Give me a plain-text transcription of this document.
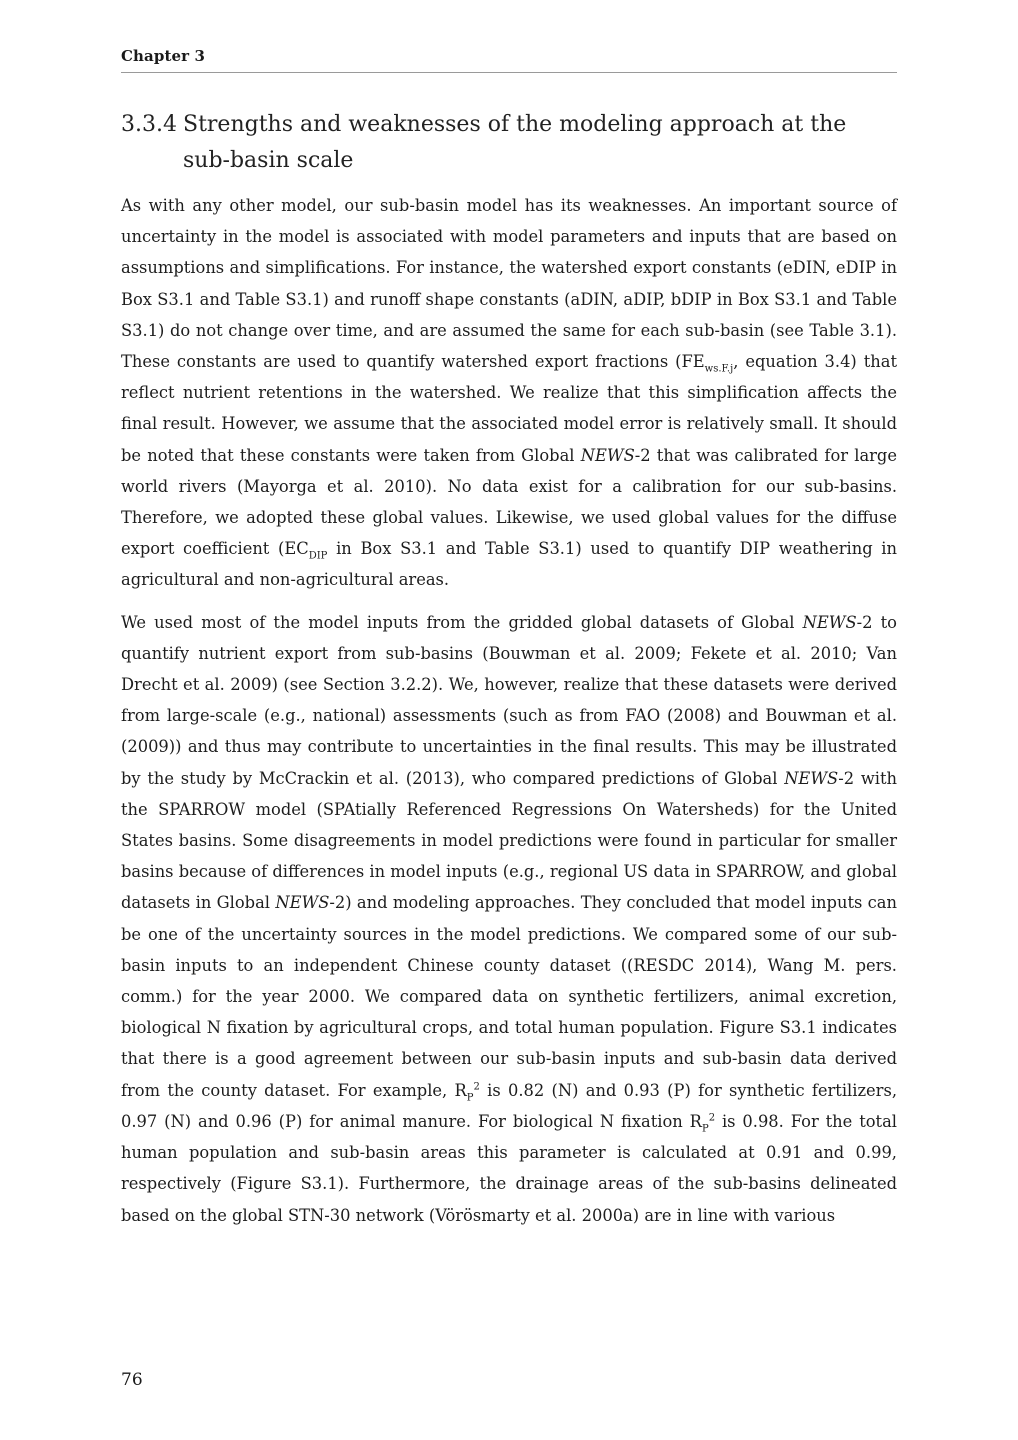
Chapter 3
3.3.4 Strengths and weaknesses of the modeling approach at the sub-basin scale

As with any other model, our sub-basin model has its weaknesses. An important source of uncertainty in the model is associated with model parameters and inputs that are based on assumptions and simplifications. For instance, the watershed export constants (eDIN, eDIP in Box S3.1 and Table S3.1) and runoff shape constants (aDIN, aDIP, bDIP in Box S3.1 and Table S3.1) do not change over time, and are assumed the same for each sub-basin (see Table 3.1). These constants are used to quantify watershed export fractions ($FE_{ws.F.j}$, equation 3.4) that reflect nutrient retentions in the watershed. We realize that this simplification affects the final result. However, we assume that the associated model error is relatively small. It should be noted that these constants were taken from Global NEWS-2 that was calibrated for large world rivers (Mayorga et al. 2010). No data exist for a calibration for our sub-basins. Therefore, we adopted these global values. Likewise, we used global values for the diffuse export coefficient ($EC_{DIP}$ in Box S3.1 and Table S3.1) used to quantify DIP weathering in agricultural and non-agricultural areas.

We used most of the model inputs from the gridded global datasets of Global NEWS-2 to quantify nutrient export from sub-basins (Bouwman et al. 2009; Fekete et al. 2010; Van Drecht et al. 2009) (see Section 3.2.2). We, however, realize that these datasets were derived from large-scale (e.g., national) assessments (such as from FAO (2008) and Bouwman et al. (2009)) and thus may contribute to uncertainties in the final results. This may be illustrated by the study by McCrackin et al. (2013), who compared predictions of Global NEWS-2 with the SPARROW model (SPAtially Referenced Regressions On Watersheds) for the United States basins. Some disagreements in model predictions were found in particular for smaller basins because of differences in model inputs (e.g., regional US data in SPARROW, and global datasets in Global NEWS-2) and modeling approaches. They concluded that model inputs can be one of the uncertainty sources in the model predictions. We compared some of our sub-basin inputs to an independent Chinese county dataset ((RESDC 2014), Wang M. pers. comm.) for the year 2000. We compared data on synthetic fertilizers, animal excretion, biological N fixation by agricultural crops, and total human population. Figure S3.1 indicates that there is a good agreement between our sub-basin inputs and sub-basin data derived from the county dataset. For example, $R_P^2$ is 0.82 (N) and 0.93 (P) for synthetic fertilizers, 0.97 (N) and 0.96 (P) for animal manure. For biological N fixation $R_P^2$ is 0.98. For the total human population and sub-basin areas this parameter is calculated at 0.91 and 0.99, respectively (Figure S3.1). Furthermore, the drainage areas of the sub-basins delineated based on the global STN-30 network (Vörösmarty et al. 2000a) are in line with various

76
